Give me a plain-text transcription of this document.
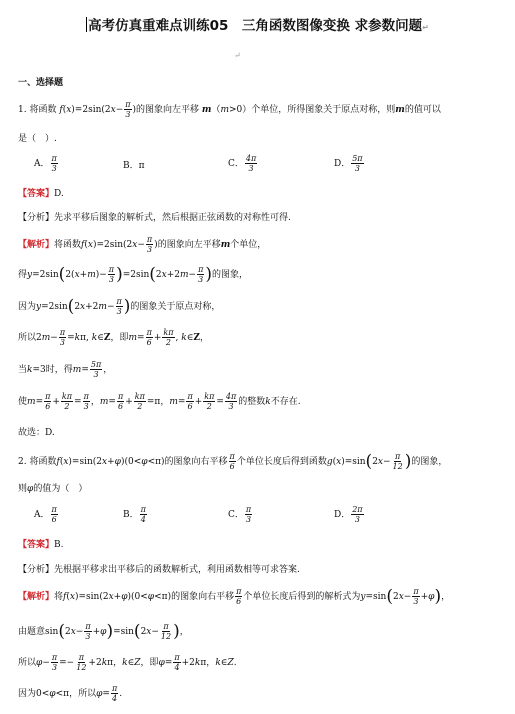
高考仿真重难点训练05　三角函数图像变换 求参数问题↵
↵
一、选择题
1. 将函数 $f(x)=2\sin(2x- \frac{\pi}{3}$ )的图象向左平移 m（m>0）个单位，所得图象关于原点对称，则m的值可以
是（　）.
A． $\frac{\pi}{3}$	B．π	C． $\frac{4\pi}{3}$	D． $\frac{5\pi}{3}$
【答案】D.
【分析】先求平移后图象的解析式，然后根据正弦函数的对称性可得.
【解析】将函数$f(x)=2\sin(2x- \frac{\pi}{3}$ )的图象向左平移m个单位，
得$y=2\sin(2(x+m)- \frac{\pi}{3} )=2\sin(2x+2m- \frac{\pi}{3}$ )的图象，
因为$y=2\sin(2x+2m- \frac{\pi}{3}$ )的图象关于原点对称，
所以$2m- \frac{\pi}{3} =k\pi$, k∈Z，即$m= \frac{\pi}{6} + \frac{k\pi}{2}$ , k∈Z，
当k=3时，得$m= \frac{5\pi}{3}$ ，
使$m= \frac{\pi}{6} + \frac{k\pi}{2} = \frac{\pi}{3}$ ，$m= \frac{\pi}{6} + \frac{k\pi}{2} =\pi$，$m= \frac{\pi}{6} + \frac{k\pi}{2} = \frac{4\pi}{3}$ 的整数k不存在.
故选：D.
2. 将函数f(x)=sin(2x+φ)(0<φ<π)的图象向右平移 $\frac{\pi}{6}$ 个单位长度后得到函数$g(x)=\sin(2x- \frac{\pi}{12}$ )的图象，
则φ的值为（　）
A． $\frac{\pi}{6}$	B． $\frac{\pi}{4}$	C． $\frac{\pi}{3}$	D． $\frac{2\pi}{3}$
【答案】B.
【分析】先根据平移求出平移后的函数解析式，利用函数相等可求答案.
【解析】将f(x)=sin(2x+φ)(0<φ<π)的图象向右平移 $\frac{\pi}{6}$ 个单位长度后得到的解析式为$y=\sin(2x- \frac{\pi}{3} +\varphi)$，
由题意$\sin(2x- \frac{\pi}{3} +\varphi)=\sin(2x- \frac{\pi}{12}$ )，
所以$\varphi- \frac{\pi}{3} =- \frac{\pi}{12} +2k\pi$，k∈Z，即$\varphi= \frac{\pi}{4} +2k\pi$，k∈Z.
因为0<φ<π，所以$\varphi= \frac{\pi}{4}$ .
